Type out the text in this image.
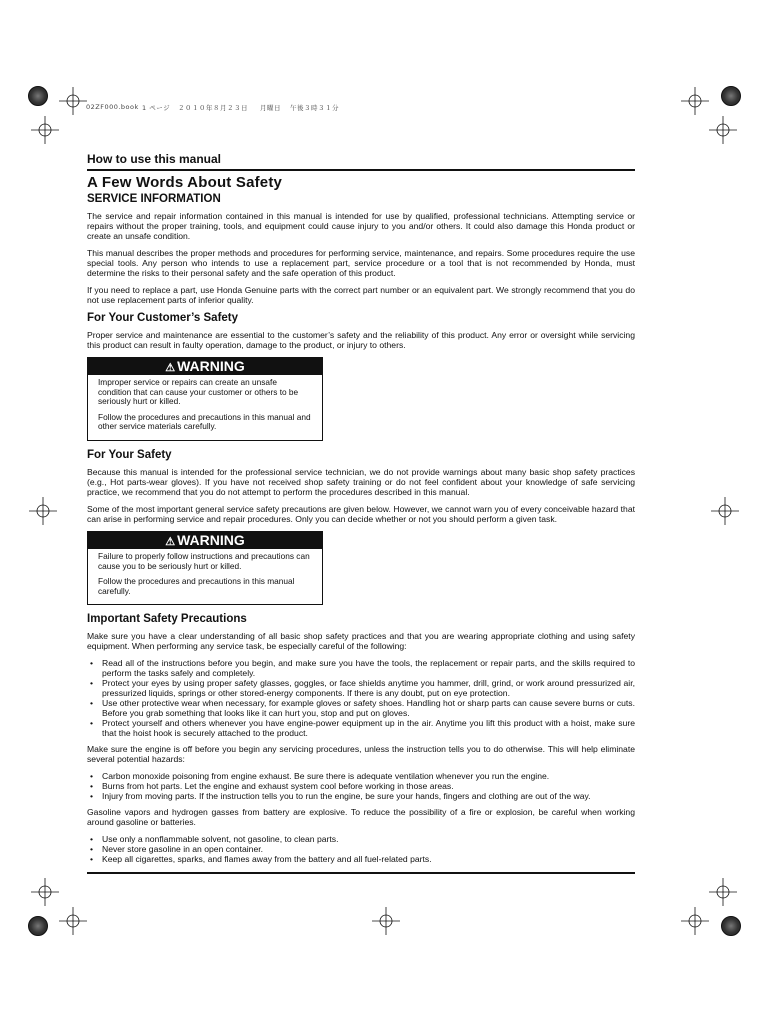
02ZF000.book 1 ページ ２０１０年８月２３日 月曜日 午後３時３１分
How to use this manual
A Few Words About Safety
SERVICE INFORMATION

The service and repair information contained in this manual is intended for use by qualified, professional technicians. Attempting service or repairs without the proper training, tools, and equipment could cause injury to you and/or others. It could also damage this Honda product or create an unsafe condition.

This manual describes the proper methods and procedures for performing service, maintenance, and repairs. Some procedures require the use special tools. Any person who intends to use a replacement part, service procedure or a tool that is not recommended by Honda, must determine the risks to their personal safety and the safe operation of this product.

If you need to replace a part, use Honda Genuine parts with the correct part number or an equivalent part. We strongly recommend that you do not use replacement parts of inferior quality.

For Your Customer’s Safety

Proper service and maintenance are essential to the customer’s safety and the reliability of this product. Any error or oversight while servicing this product can result in faulty operation, damage to the product, or injury to others.

⚠ WARNING

Improper service or repairs can create an unsafe condition that can cause your customer or others to be seriously hurt or killed.

Follow the procedures and precautions in this manual and other service materials carefully.

For Your Safety

Because this manual is intended for the professional service technician, we do not provide warnings about many basic shop safety practices (e.g., Hot parts-wear gloves). If you have not received shop safety training or do not feel confident about your knowledge of safe servicing practice, we recommend that you do not attempt to perform the procedures described in this manual.

Some of the most important general service safety precautions are given below. However, we cannot warn you of every conceivable hazard that can arise in performing service and repair procedures. Only you can decide whether or not you should perform a given task.

⚠ WARNING

Failure to properly follow instructions and precautions can cause you to be seriously hurt or killed.

Follow the procedures and precautions in this manual carefully.

Important Safety Precautions

Make sure you have a clear understanding of all basic shop safety practices and that you are wearing appropriate clothing and using safety equipment. When performing any service task, be especially careful of the following:

• Read all of the instructions before you begin, and make sure you have the tools, the replacement or repair parts, and the skills required to perform the tasks safely and completely.
• Protect your eyes by using proper safety glasses, goggles, or face shields anytime you hammer, drill, grind, or work around pressurized air, pressurized liquids, springs or other stored-energy components. If there is any doubt, put on eye protection.
• Use other protective wear when necessary, for example gloves or safety shoes. Handling hot or sharp parts can cause severe burns or cuts. Before you grab something that looks like it can hurt you, stop and put on gloves.
• Protect yourself and others whenever you have engine-power equipment up in the air. Anytime you lift this product with a hoist, make sure that the hoist hook is securely attached to the product.

Make sure the engine is off before you begin any servicing procedures, unless the instruction tells you to do otherwise. This will help eliminate several potential hazards:

• Carbon monoxide poisoning from engine exhaust. Be sure there is adequate ventilation whenever you run the engine.
• Burns from hot parts. Let the engine and exhaust system cool before working in those areas.
• Injury from moving parts. If the instruction tells you to run the engine, be sure your hands, fingers and clothing are out of the way.

Gasoline vapors and hydrogen gasses from battery are explosive. To reduce the possibility of a fire or explosion, be careful when working around gasoline or batteries.

• Use only a nonflammable solvent, not gasoline, to clean parts.
• Never store gasoline in an open container.
• Keep all cigarettes, sparks, and flames away from the battery and all fuel-related parts.
